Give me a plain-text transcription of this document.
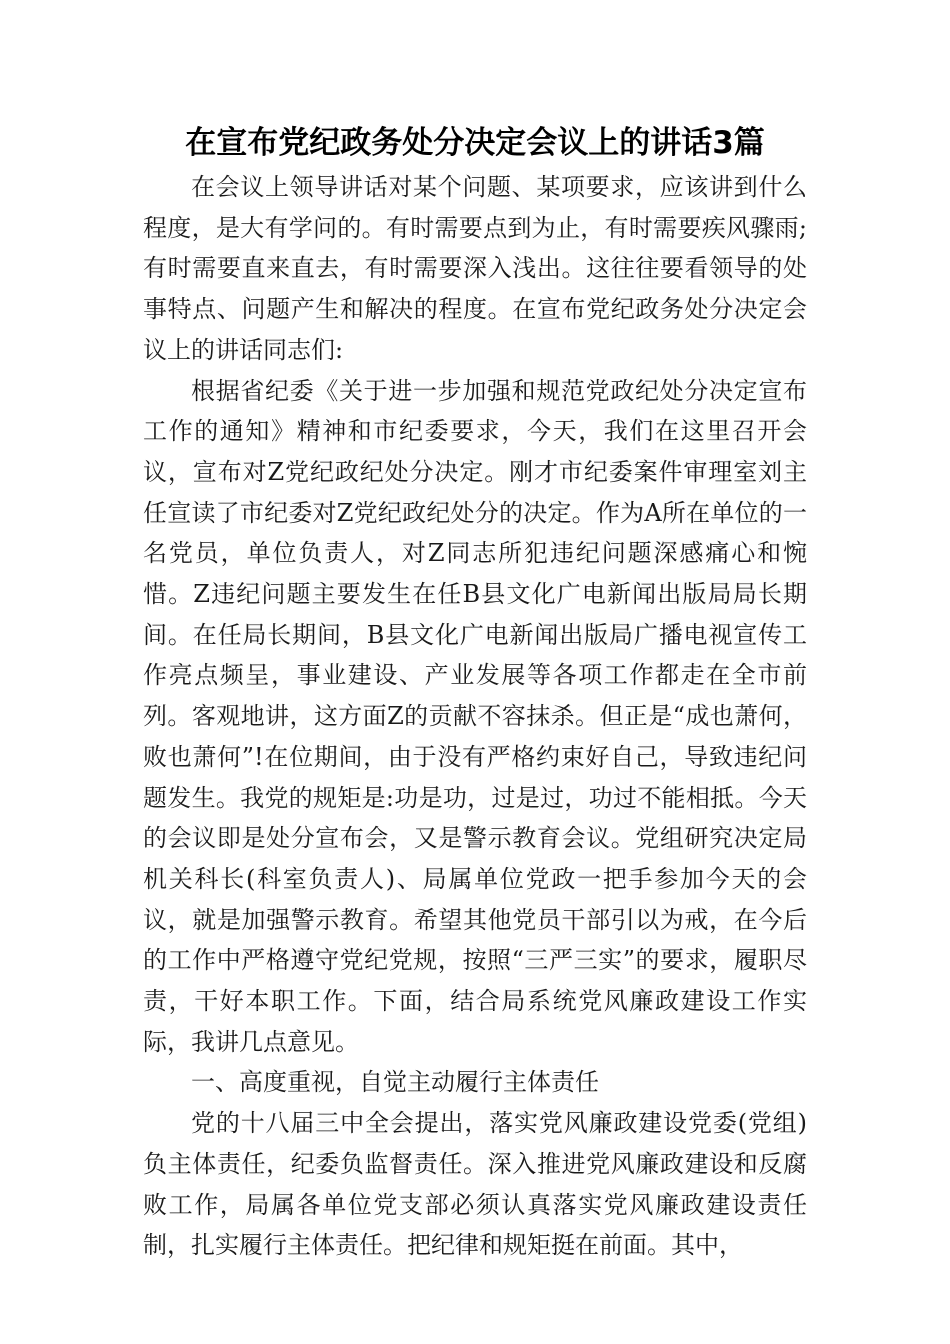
在宣布党纪政务处分决定会议上的讲话3篇

在会议上领导讲话对某个问题、某项要求，应该讲到什么程度，是大有学问的。有时需要点到为止，有时需要疾风骤雨;有时需要直来直去，有时需要深入浅出。这往往要看领导的处事特点、问题产生和解决的程度。在宣布党纪政务处分决定会议上的讲话同志们:

根据省纪委《关于进一步加强和规范党政纪处分决定宣布工作的通知》精神和市纪委要求，今天，我们在这里召开会议，宣布对Z党纪政纪处分决定。刚才市纪委案件审理室刘主任宣读了市纪委对Z党纪政纪处分的决定。作为A所在单位的一名党员，单位负责人，对Z同志所犯违纪问题深感痛心和惋惜。Z违纪问题主要发生在任B县文化广电新闻出版局局长期间。在任局长期间，B县文化广电新闻出版局广播电视宣传工作亮点频呈，事业建设、产业发展等各项工作都走在全市前列。客观地讲，这方面Z的贡献不容抹杀。但正是“成也萧何，败也萧何”!在位期间，由于没有严格约束好自己，导致违纪问题发生。我党的规矩是:功是功，过是过，功过不能相抵。今天的会议即是处分宣布会，又是警示教育会议。党组研究决定局机关科长(科室负责人)、局属单位党政一把手参加今天的会议，就是加强警示教育。希望其他党员干部引以为戒，在今后的工作中严格遵守党纪党规，按照“三严三实”的要求，履职尽责，干好本职工作。下面，结合局系统党风廉政建设工作实际，我讲几点意见。

一、高度重视，自觉主动履行主体责任

党的十八届三中全会提出，落实党风廉政建设党委(党组)负主体责任，纪委负监督责任。深入推进党风廉政建设和反腐败工作，局属各单位党支部必须认真落实党风廉政建设责任制，扎实履行主体责任。把纪律和规矩挺在前面。其中，
